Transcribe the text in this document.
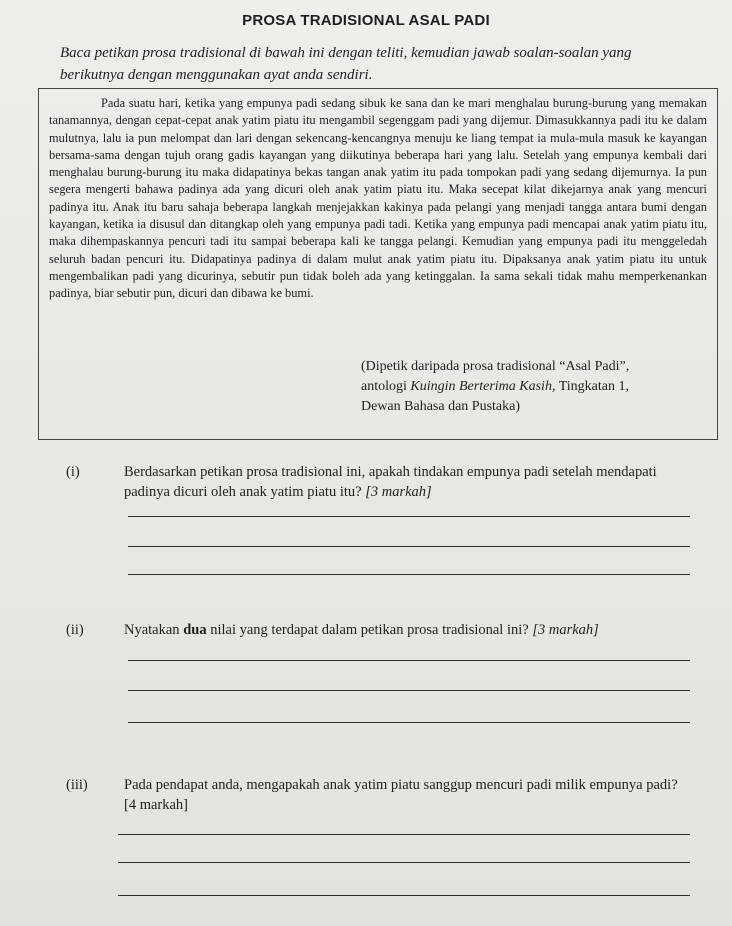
PROSA TRADISIONAL ASAL PADI
Baca petikan prosa tradisional di bawah ini dengan teliti, kemudian jawab soalan-soalan yang berikutnya dengan menggunakan ayat anda sendiri.

Pada suatu hari, ketika yang empunya padi sedang sibuk ke sana dan ke mari menghalau burung-burung yang memakan tanamannya, dengan cepat-cepat anak yatim piatu itu mengambil segenggam padi yang dijemur. Dimasukkannya padi itu ke dalam mulutnya, lalu ia pun melompat dan lari dengan sekencang-kencangnya menuju ke liang tempat ia mula-mula masuk ke kayangan bersama-sama dengan tujuh orang gadis kayangan yang diikutinya beberapa hari yang lalu. Setelah yang empunya kembali dari menghalau burung-burung itu maka didapatinya bekas tangan anak yatim itu pada tompokan padi yang sedang dijemurnya. Ia pun segera mengerti bahawa padinya ada yang dicuri oleh anak yatim piatu itu. Maka secepat kilat dikejarnya anak yang mencuri padinya itu. Anak itu baru sahaja beberapa langkah menjejakkan kakinya pada pelangi yang menjadi tangga antara bumi dengan kayangan, ketika ia disusul dan ditangkap oleh yang empunya padi tadi. Ketika yang empunya padi mencapai anak yatim piatu itu, maka dihempaskannya pencuri tadi itu sampai beberapa kali ke tangga pelangi. Kemudian yang empunya padi itu menggeledah seluruh badan pencuri itu. Didapatinya padinya di dalam mulut anak yatim piatu itu. Dipaksanya anak yatim piatu itu untuk mengembalikan padi yang dicurinya, sebutir pun tidak boleh ada yang ketinggalan. Ia sama sekali tidak mahu memperkenankan padinya, biar sebutir pun, dicuri dan dibawa ke bumi.

(Dipetik daripada prosa tradisional “Asal Padi”,
antologi Kuingin Berterima Kasih, Tingkatan 1,
Dewan Bahasa dan Pustaka)
(i)	Berdasarkan petikan prosa tradisional ini, apakah tindakan empunya padi setelah mendapati padinya dicuri oleh anak yatim piatu itu? [3 markah]
(ii)	Nyatakan dua nilai yang terdapat dalam petikan prosa tradisional ini? [3 markah]
(iii)	Pada pendapat anda, mengapakah anak yatim piatu sanggup mencuri padi milik empunya padi? [4 markah]
